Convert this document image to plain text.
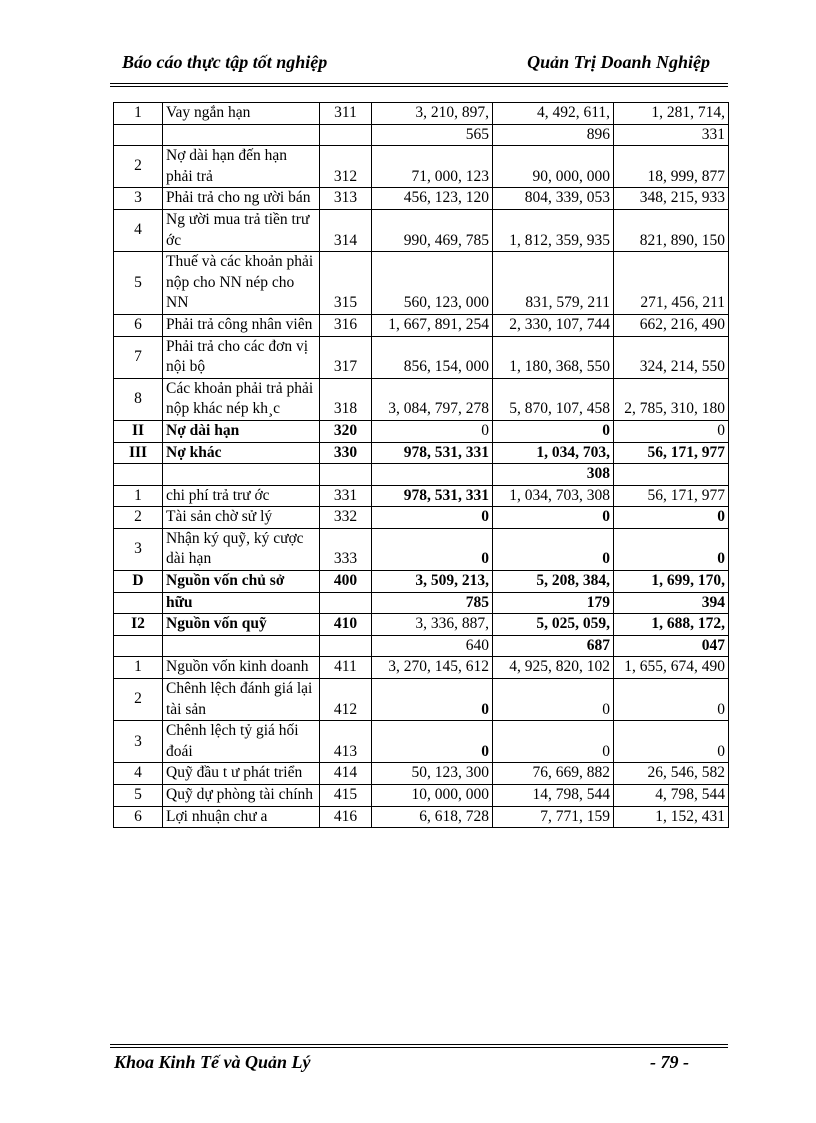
Báo cáo thực tập tốt nghiệp	Quản Trị Doanh Nghiệp
1	Vay ngắn hạn	311	3, 210, 897,	4, 492, 611,	1, 281, 714,
			565	896	331
2	Nợ dài hạn đến hạn phải trả	312	71, 000, 123	90, 000, 000	18, 999, 877
3	Phải trả cho ng ười bán	313	456, 123, 120	804, 339, 053	348, 215, 933
4	Ng ười mua trả tiền trư ớc	314	990, 469, 785	1, 812, 359, 935	821, 890, 150
5	Thuế và các khoản phải nộp cho NN nép cho NN	315	560, 123, 000	831, 579, 211	271, 456, 211
6	Phải trả công nhân viên	316	1, 667, 891, 254	2, 330, 107, 744	662, 216, 490
7	Phải trả cho các đơn vị nội bộ	317	856, 154, 000	1, 180, 368, 550	324, 214, 550
8	Các khoản phải trả phải nộp khác nép kh¸c	318	3, 084, 797, 278	5, 870, 107, 458	2, 785, 310, 180
II	Nợ dài hạn	320	0	0	0
III	Nợ khác	330	978, 531, 331	1, 034, 703,	56, 171, 977
				308	
1	chi phí trả trư ớc	331	978, 531, 331	1, 034, 703, 308	56, 171, 977
2	Tài sản chờ sử lý	332	0	0	0
3	Nhận ký quỹ, ký cược dài hạn	333	0	0	0
D	Nguồn vốn chủ sở	400	3, 509, 213,	5, 208, 384,	1, 699, 170,
	hữu		785	179	394
I2	Nguồn vốn quỹ	410	3, 336, 887,	5, 025, 059,	1, 688, 172,
			640	687	047
1	Nguồn vốn kinh doanh	411	3, 270, 145, 612	4, 925, 820, 102	1, 655, 674, 490
2	Chênh lệch đánh giá lại tài sản	412	0	0	0
3	Chênh lệch tỷ giá hối đoái	413	0	0	0
4	Quỹ đầu t ư phát triển	414	50, 123, 300	76, 669, 882	26, 546, 582
5	Quỹ dự phòng tài chính	415	10, 000, 000	14, 798, 544	4, 798, 544
6	Lợi nhuận chư a	416	6, 618, 728	7, 771, 159	1, 152, 431
Khoa Kinh Tế và Quản Lý	- 79 -
